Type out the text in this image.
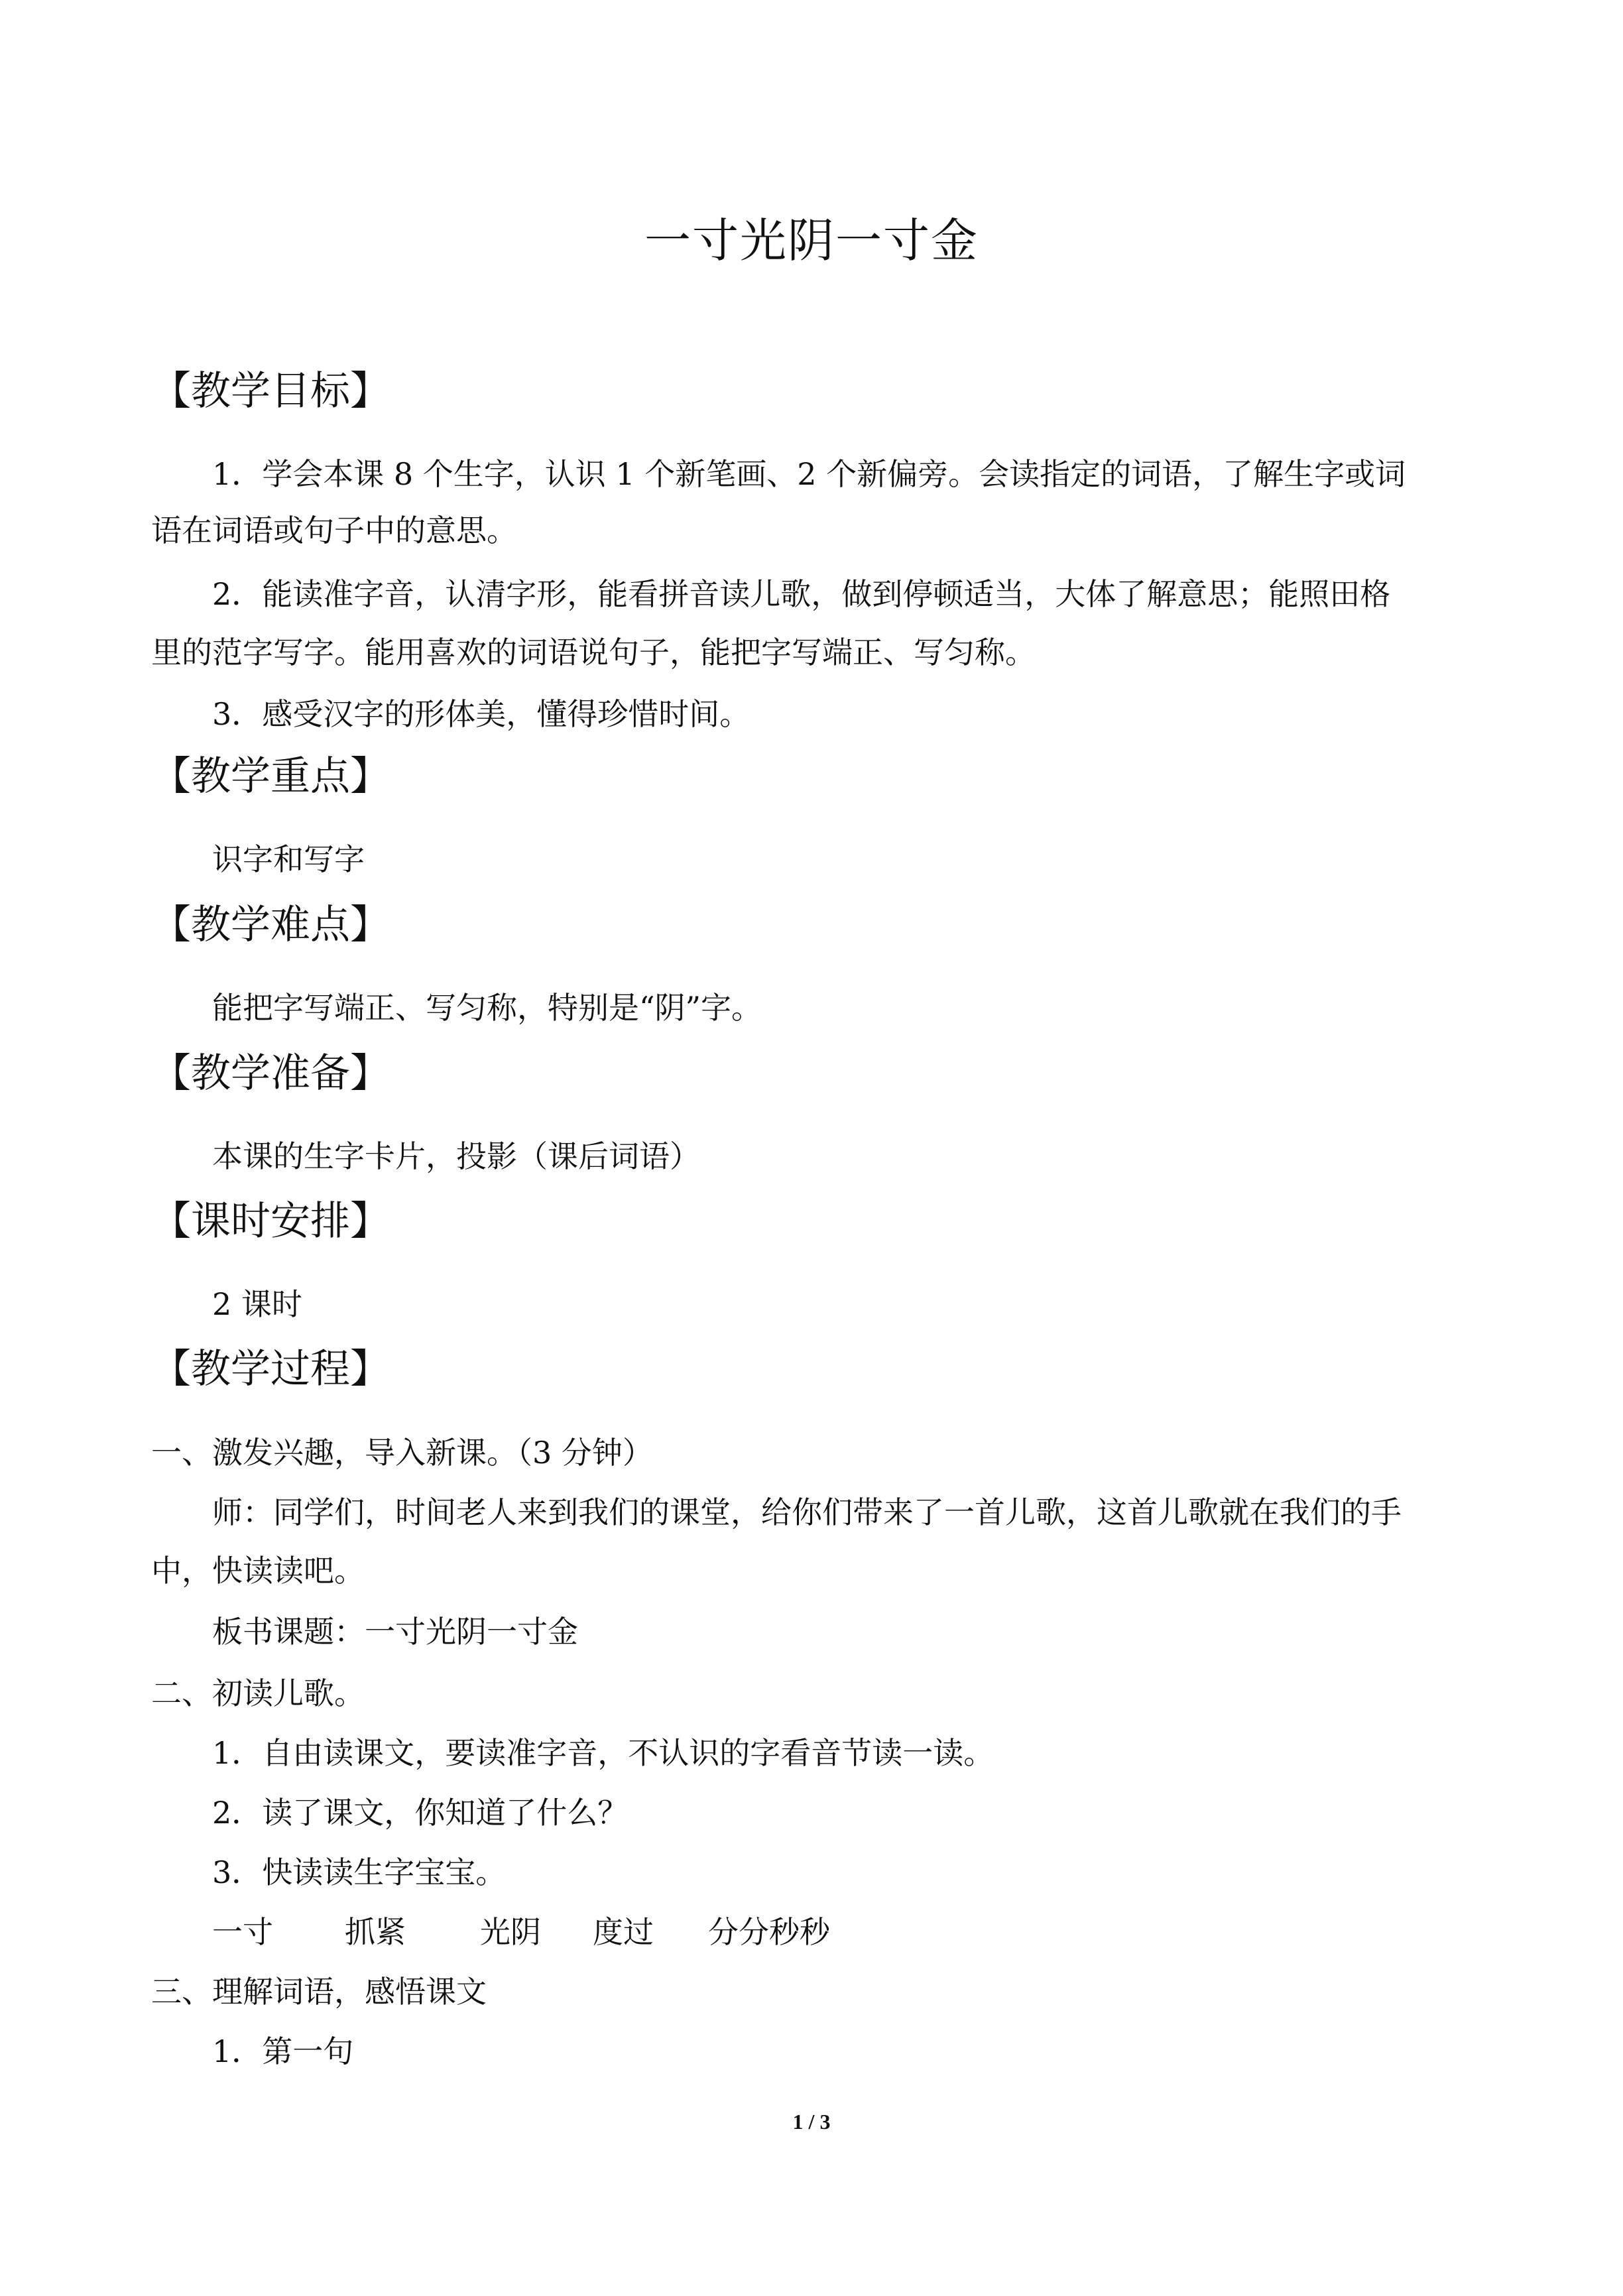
一寸光阴一寸金
【教学目标】
1．学会本课 8 个生字，认识 1 个新笔画、2 个新偏旁。会读指定的词语，了解生字或词
语在词语或句子中的意思。
2．能读准字音，认清字形，能看拼音读儿歌，做到停顿适当，大体了解意思；能照田格
里的范字写字。能用喜欢的词语说句子，能把字写端正、写匀称。
3．感受汉字的形体美，懂得珍惜时间。
【教学重点】
识字和写字
【教学难点】
能把字写端正、写匀称，特别是“阴”字。
【教学准备】
本课的生字卡片，投影（课后词语）
【课时安排】
2 课时
【教学过程】
一、激发兴趣，导入新课。（3 分钟）
师：同学们，时间老人来到我们的课堂，给你们带来了一首儿歌，这首儿歌就在我们的手
中，快读读吧。
板书课题：一寸光阴一寸金
二、初读儿歌。
1．自由读课文，要读准字音，不认识的字看音节读一读。
2．读了课文，你知道了什么？
3．快读读生字宝宝。
一寸 抓紧 光阴 度过 分分秒秒
三、理解词语，感悟课文
1．第一句
1 / 3
